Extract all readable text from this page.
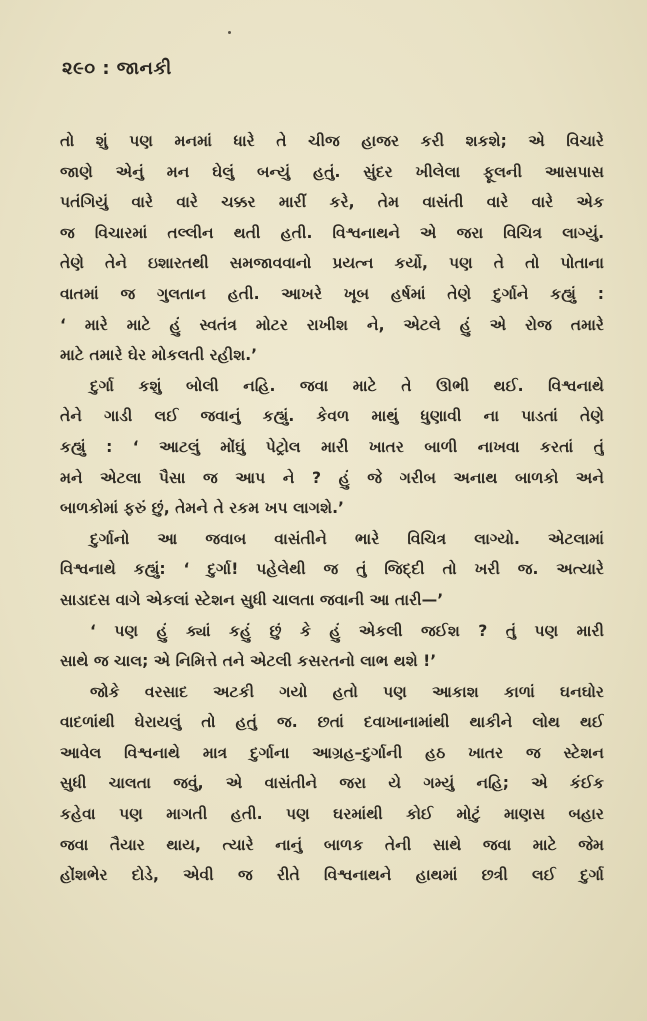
૨૯૦ : જાનકી
તો શું પણ મનમાં ધારે તે ચીજ હાજર કરી શકશે; એ વિચારે
જાણે એનું મન ઘેલું બન્યું હતું. સુંદર ખીલેલા ફૂલની આસપાસ
પતંગિયું વારે વારે ચક્કર મારીં કરે, તેમ વાસંતી વારે વારે એક
જ વિચારમાં તલ્લીન થતી હતી. વિશ્વનાથને એ જરા વિચિત્ર લાગ્યું.
તેણે તેને ઇશારતથી સમજાવવાનો પ્રયત્ન કર્યો, પણ તે તો પોતાના
વાતમાં જ ગુલતાન હતી. આખરે ખૂબ હર્ષમાં તેણે દુર્ગાને કહ્યું :
‘ મારે માટે હું સ્વતંત્ર મોટર રાખીશ ને, એટલે હું એ રોજ તમારે
માટે તમારે ઘેર મોકલતી રહીશ.’
દુર્ગા કશું બોલી નહિ. જવા માટે તે ઊભી થઈ. વિશ્વનાથે
તેને ગાડી લઈ જવાનું કહ્યું. કેવળ માથું ધુણાવી ના પાડતાં તેણે
કહ્યું : ‘ આટલું મોંઘું પેટ્રોલ મારી ખાતર બાળી નાખવા કરતાં તું
મને એટલા પૈસા જ આપ ને ? હું જે ગરીબ અનાથ બાળકો અને
બાળકોમાં ફરું છું, તેમને તે રકમ ખપ લાગશે.’
દુર્ગાનો આ જવાબ વાસંતીને ભારે વિચિત્ર લાગ્યો. એટલામાં
વિશ્વનાથે કહ્યું: ‘ દુર્ગા! પહેલેથી જ તું જિદ્દી તો ખરી જ. અત્યારે
સાડાદસ વાગે એકલાં સ્ટેશન સુધી ચાલતા જવાની આ તારી—’
‘ પણ હું ક્યાં કહું છું કે હું એકલી જઈશ ? તું પણ મારી
સાથે જ ચાલ; એ નિમિત્તે તને એટલી કસરતનો લાભ થશે !’
જોકે વરસાદ અટકી ગયો હતો પણ આકાશ કાળાં ઘનઘોર
વાદળાંથી ઘેરાયલું તો હતું જ. છતાં દવાખાનામાંથી થાકીને લોથ થઈ
આવેલ વિશ્વનાથે માત્ર દુર્ગાના આગ્રહ–દુર્ગાની હઠ ખાતર જ સ્ટેશન
સુધી ચાલતા જવું, એ વાસંતીને જરા યે ગમ્યું નહિ; એ કંઈક
કહેવા પણ માગતી હતી. પણ ઘરમાંથી કોઈ મોટું માણસ બહાર
જવા તૈયાર થાય, ત્યારે નાનું બાળક તેની સાથે જવા માટે જેમ
હોંશભેર દોડે, એવી જ રીતે વિશ્વનાથને હાથમાં છત્રી લઈ દુર્ગા
